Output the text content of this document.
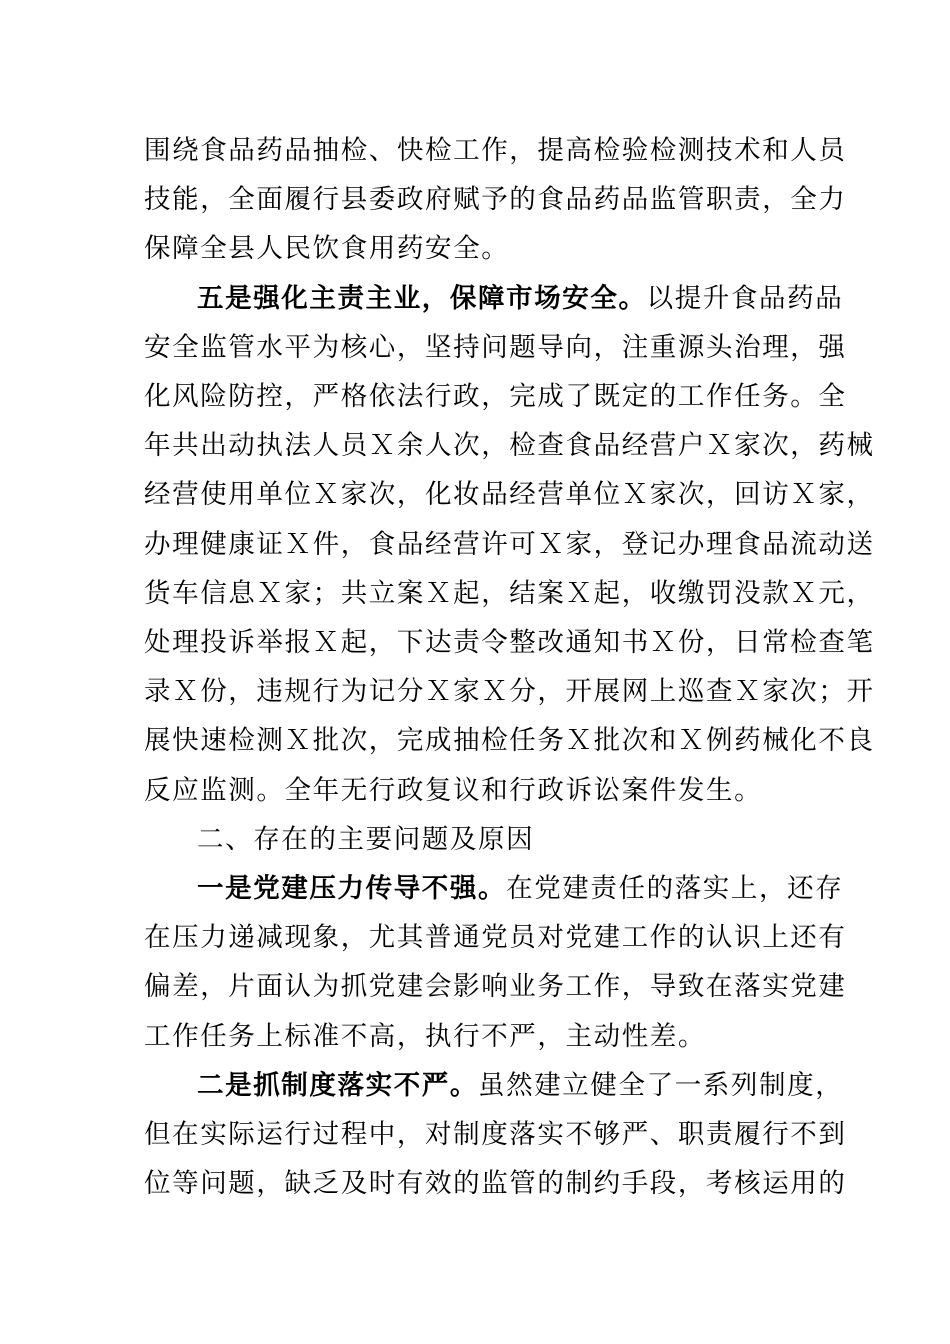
围绕食品药品抽检、快检工作，提高检验检测技术和人员
技能，全面履行县委政府赋予的食品药品监管职责，全力
保障全县人民饮食用药安全。

五是强化主责主业，保障市场安全。以提升食品药品
安全监管水平为核心，坚持问题导向，注重源头治理，强
化风险防控，严格依法行政，完成了既定的工作任务。全
年共出动执法人员Ｘ余人次，检查食品经营户Ｘ家次，药械
经营使用单位Ｘ家次，化妆品经营单位Ｘ家次，回访Ｘ家，
办理健康证Ｘ件，食品经营许可Ｘ家，登记办理食品流动送
货车信息Ｘ家；共立案Ｘ起，结案Ｘ起，收缴罚没款Ｘ元，
处理投诉举报Ｘ起，下达责令整改通知书Ｘ份，日常检查笔
录Ｘ份，违规行为记分Ｘ家Ｘ分，开展网上巡查Ｘ家次；开
展快速检测Ｘ批次，完成抽检任务Ｘ批次和Ｘ例药械化不良
反应监测。全年无行政复议和行政诉讼案件发生。

二、存在的主要问题及原因

一是党建压力传导不强。在党建责任的落实上，还存
在压力递减现象，尤其普通党员对党建工作的认识上还有
偏差，片面认为抓党建会影响业务工作，导致在落实党建
工作任务上标准不高，执行不严，主动性差。

二是抓制度落实不严。虽然建立健全了一系列制度，
但在实际运行过程中，对制度落实不够严、职责履行不到
位等问题，缺乏及时有效的监管的制约手段，考核运用的
